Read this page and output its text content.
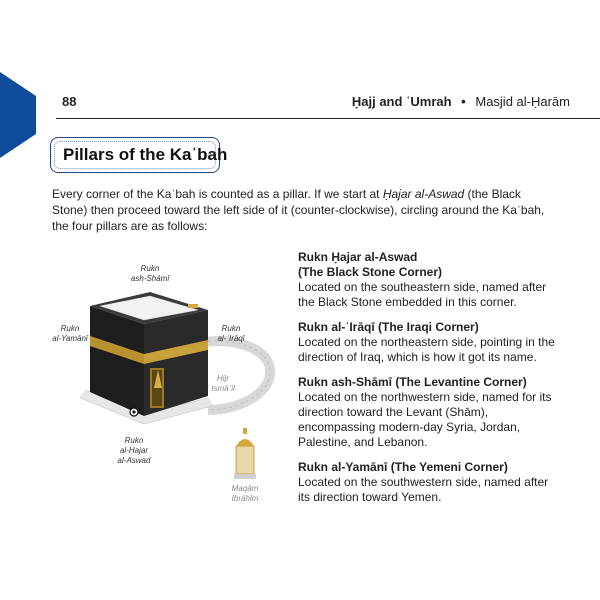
88	Ḥajj and ʿUmrah • Masjid al-Ḥarām
Pillars of the Kaʿbah

Every corner of the Kaʿbah is counted as a pillar. If we start at Ḥajar al-Aswad (the Black Stone) then proceed toward the left side of it (counter-clockwise), circling around the Kaʿbah, the four pillars are as follows:

Rukn
ash-Shāmī
Rukn
al-Yamānī
Rukn
al-ʿIrāqī
Ḥijr
Ismāʿīl
Rukn
al-Ḥajar
al-Aswad
Maqām
Ibrāhīm
Rukn Ḥajar al-Aswad
(The Black Stone Corner)
Located on the southeastern side, named after the Black Stone embedded in this corner.
Rukn al-ʿIrāqī (The Iraqi Corner)
Located on the northeastern side, pointing in the direction of Iraq, which is how it got its name.
Rukn ash-Shāmī (The Levantine Corner)
Located on the northwestern side, named for its direction toward the Levant (Shām), encompassing modern-day Syria, Jordan, Palestine, and Lebanon.
Rukn al-Yamānī (The Yemeni Corner)
Located on the southwestern side, named after its direction toward Yemen.
